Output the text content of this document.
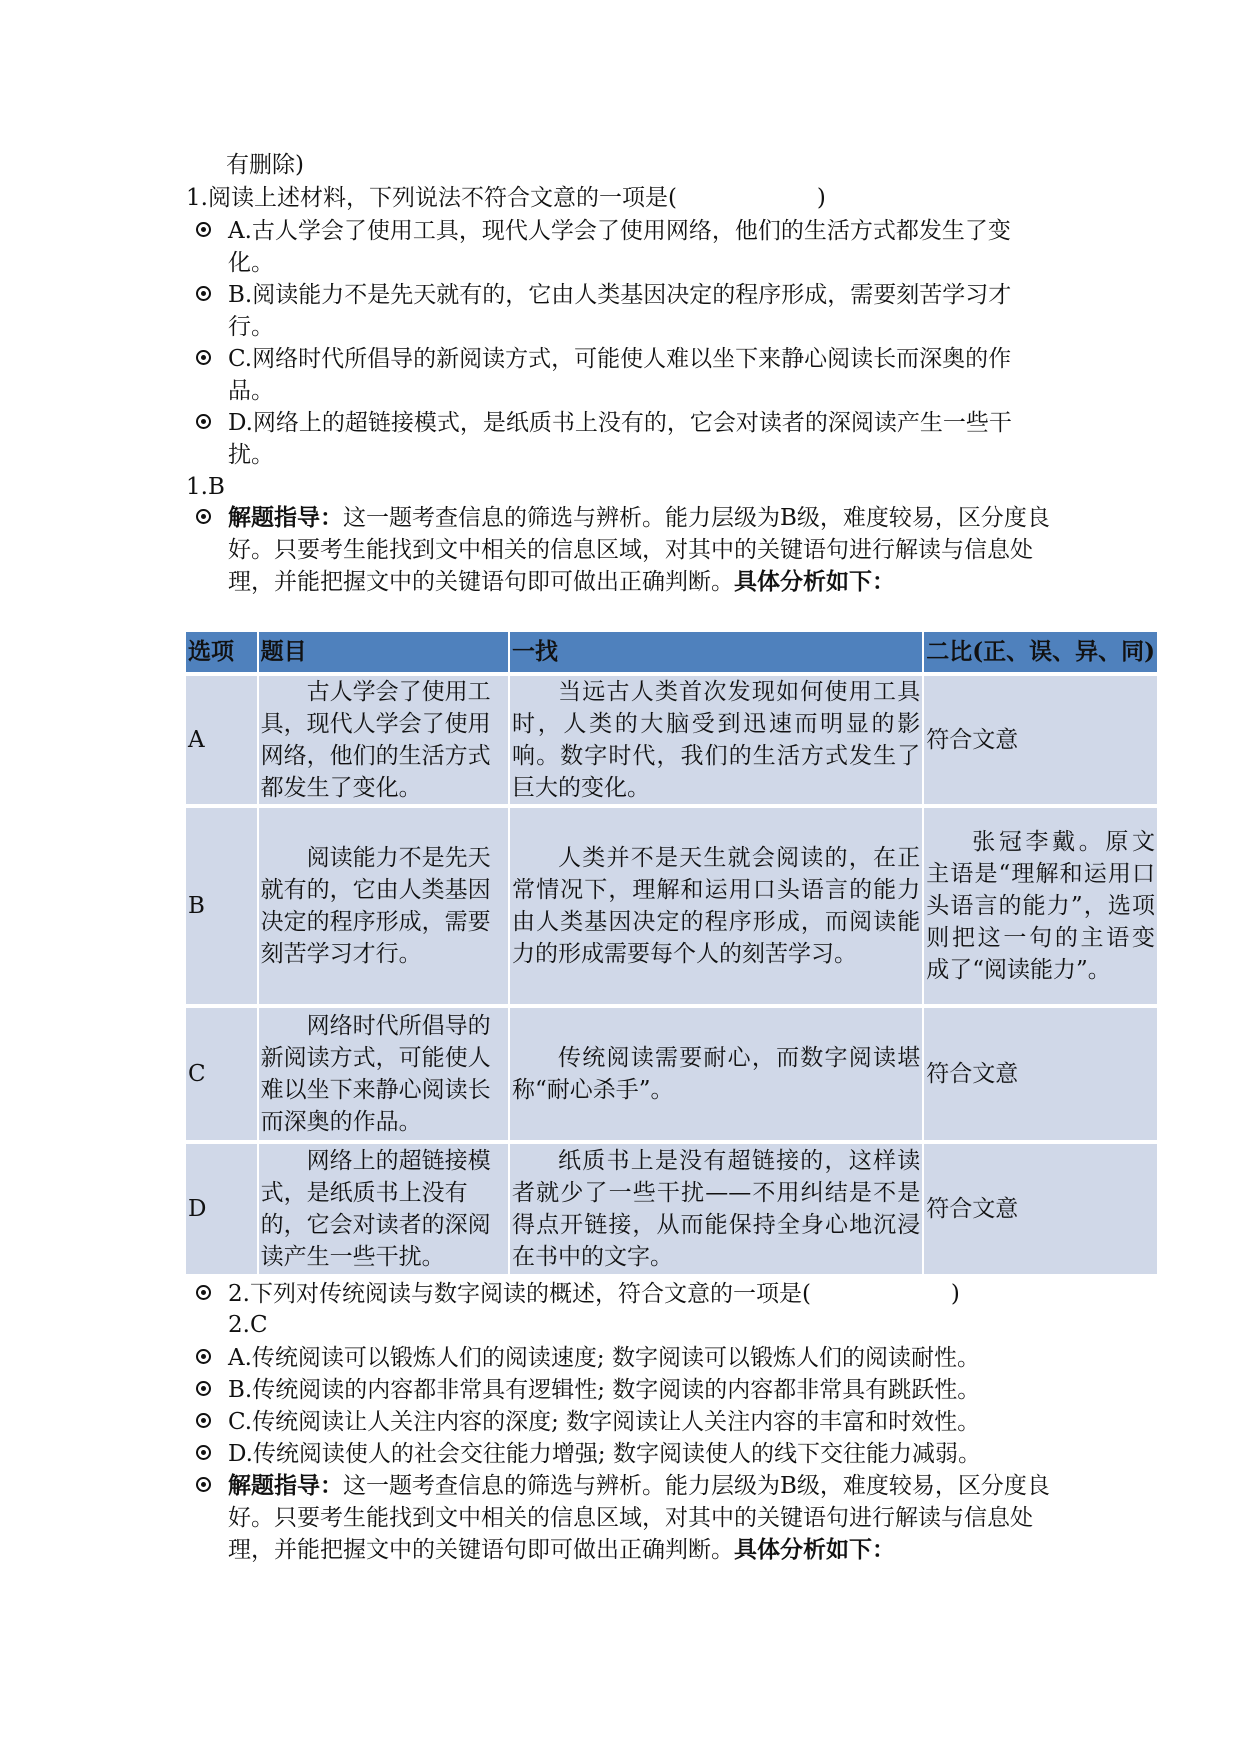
有删除)
1.阅读上述材料，下列说法不符合文意的一项是(	)
A.古人学会了使用工具，现代人学会了使用网络，他们的生活方式都发生了变化。
B.阅读能力不是先天就有的，它由人类基因决定的程序形成，需要刻苦学习才行。
C.网络时代所倡导的新阅读方式，可能使人难以坐下来静心阅读长而深奥的作品。
D.网络上的超链接模式，是纸质书上没有的，它会对读者的深阅读产生一些干扰。
1.B
解题指导：这一题考查信息的筛选与辨析。能力层级为B级，难度较易，区分度良好。只要考生能找到文中相关的信息区域，对其中的关键语句进行解读与信息处理，并能把握文中的关键语句即可做出正确判断。具体分析如下：
选项	题目	一找	二比(正、误、异、同)
A	古人学会了使用工具，现代人学会了使用网络，他们的生活方式都发生了变化。	当远古人类首次发现如何使用工具时，人类的大脑受到迅速而明显的影响。数字时代，我们的生活方式发生了巨大的变化。	符合文意
B	阅读能力不是先天就有的，它由人类基因决定的程序形成，需要刻苦学习才行。	人类并不是天生就会阅读的，在正常情况下，理解和运用口头语言的能力由人类基因决定的程序形成，而阅读能力的形成需要每个人的刻苦学习。	张冠李戴。原文主语是“理解和运用口头语言的能力”，选项则把这一句的主语变成了“阅读能力”。

C	网络时代所倡导的新阅读方式，可能使人难以坐下来静心阅读长而深奥的作品。	传统阅读需要耐心，而数字阅读堪称“耐心杀手”。	符合文意
D	网络上的超链接模式，是纸质书上没有的，它会对读者的深阅读产生一些干扰。	纸质书上是没有超链接的，这样读者就少了一些干扰——不用纠结是不是得点开链接，从而能保持全身心地沉浸在书中的文字。	符合文意
2.下列对传统阅读与数字阅读的概述，符合文意的一项是(	)
2.C
A.传统阅读可以锻炼人们的阅读速度; 数字阅读可以锻炼人们的阅读耐性。
B.传统阅读的内容都非常具有逻辑性; 数字阅读的内容都非常具有跳跃性。
C.传统阅读让人关注内容的深度; 数字阅读让人关注内容的丰富和时效性。
D.传统阅读使人的社会交往能力增强; 数字阅读使人的线下交往能力减弱。
解题指导：这一题考查信息的筛选与辨析。能力层级为B级，难度较易，区分度良好。只要考生能找到文中相关的信息区域，对其中的关键语句进行解读与信息处理，并能把握文中的关键语句即可做出正确判断。具体分析如下：
